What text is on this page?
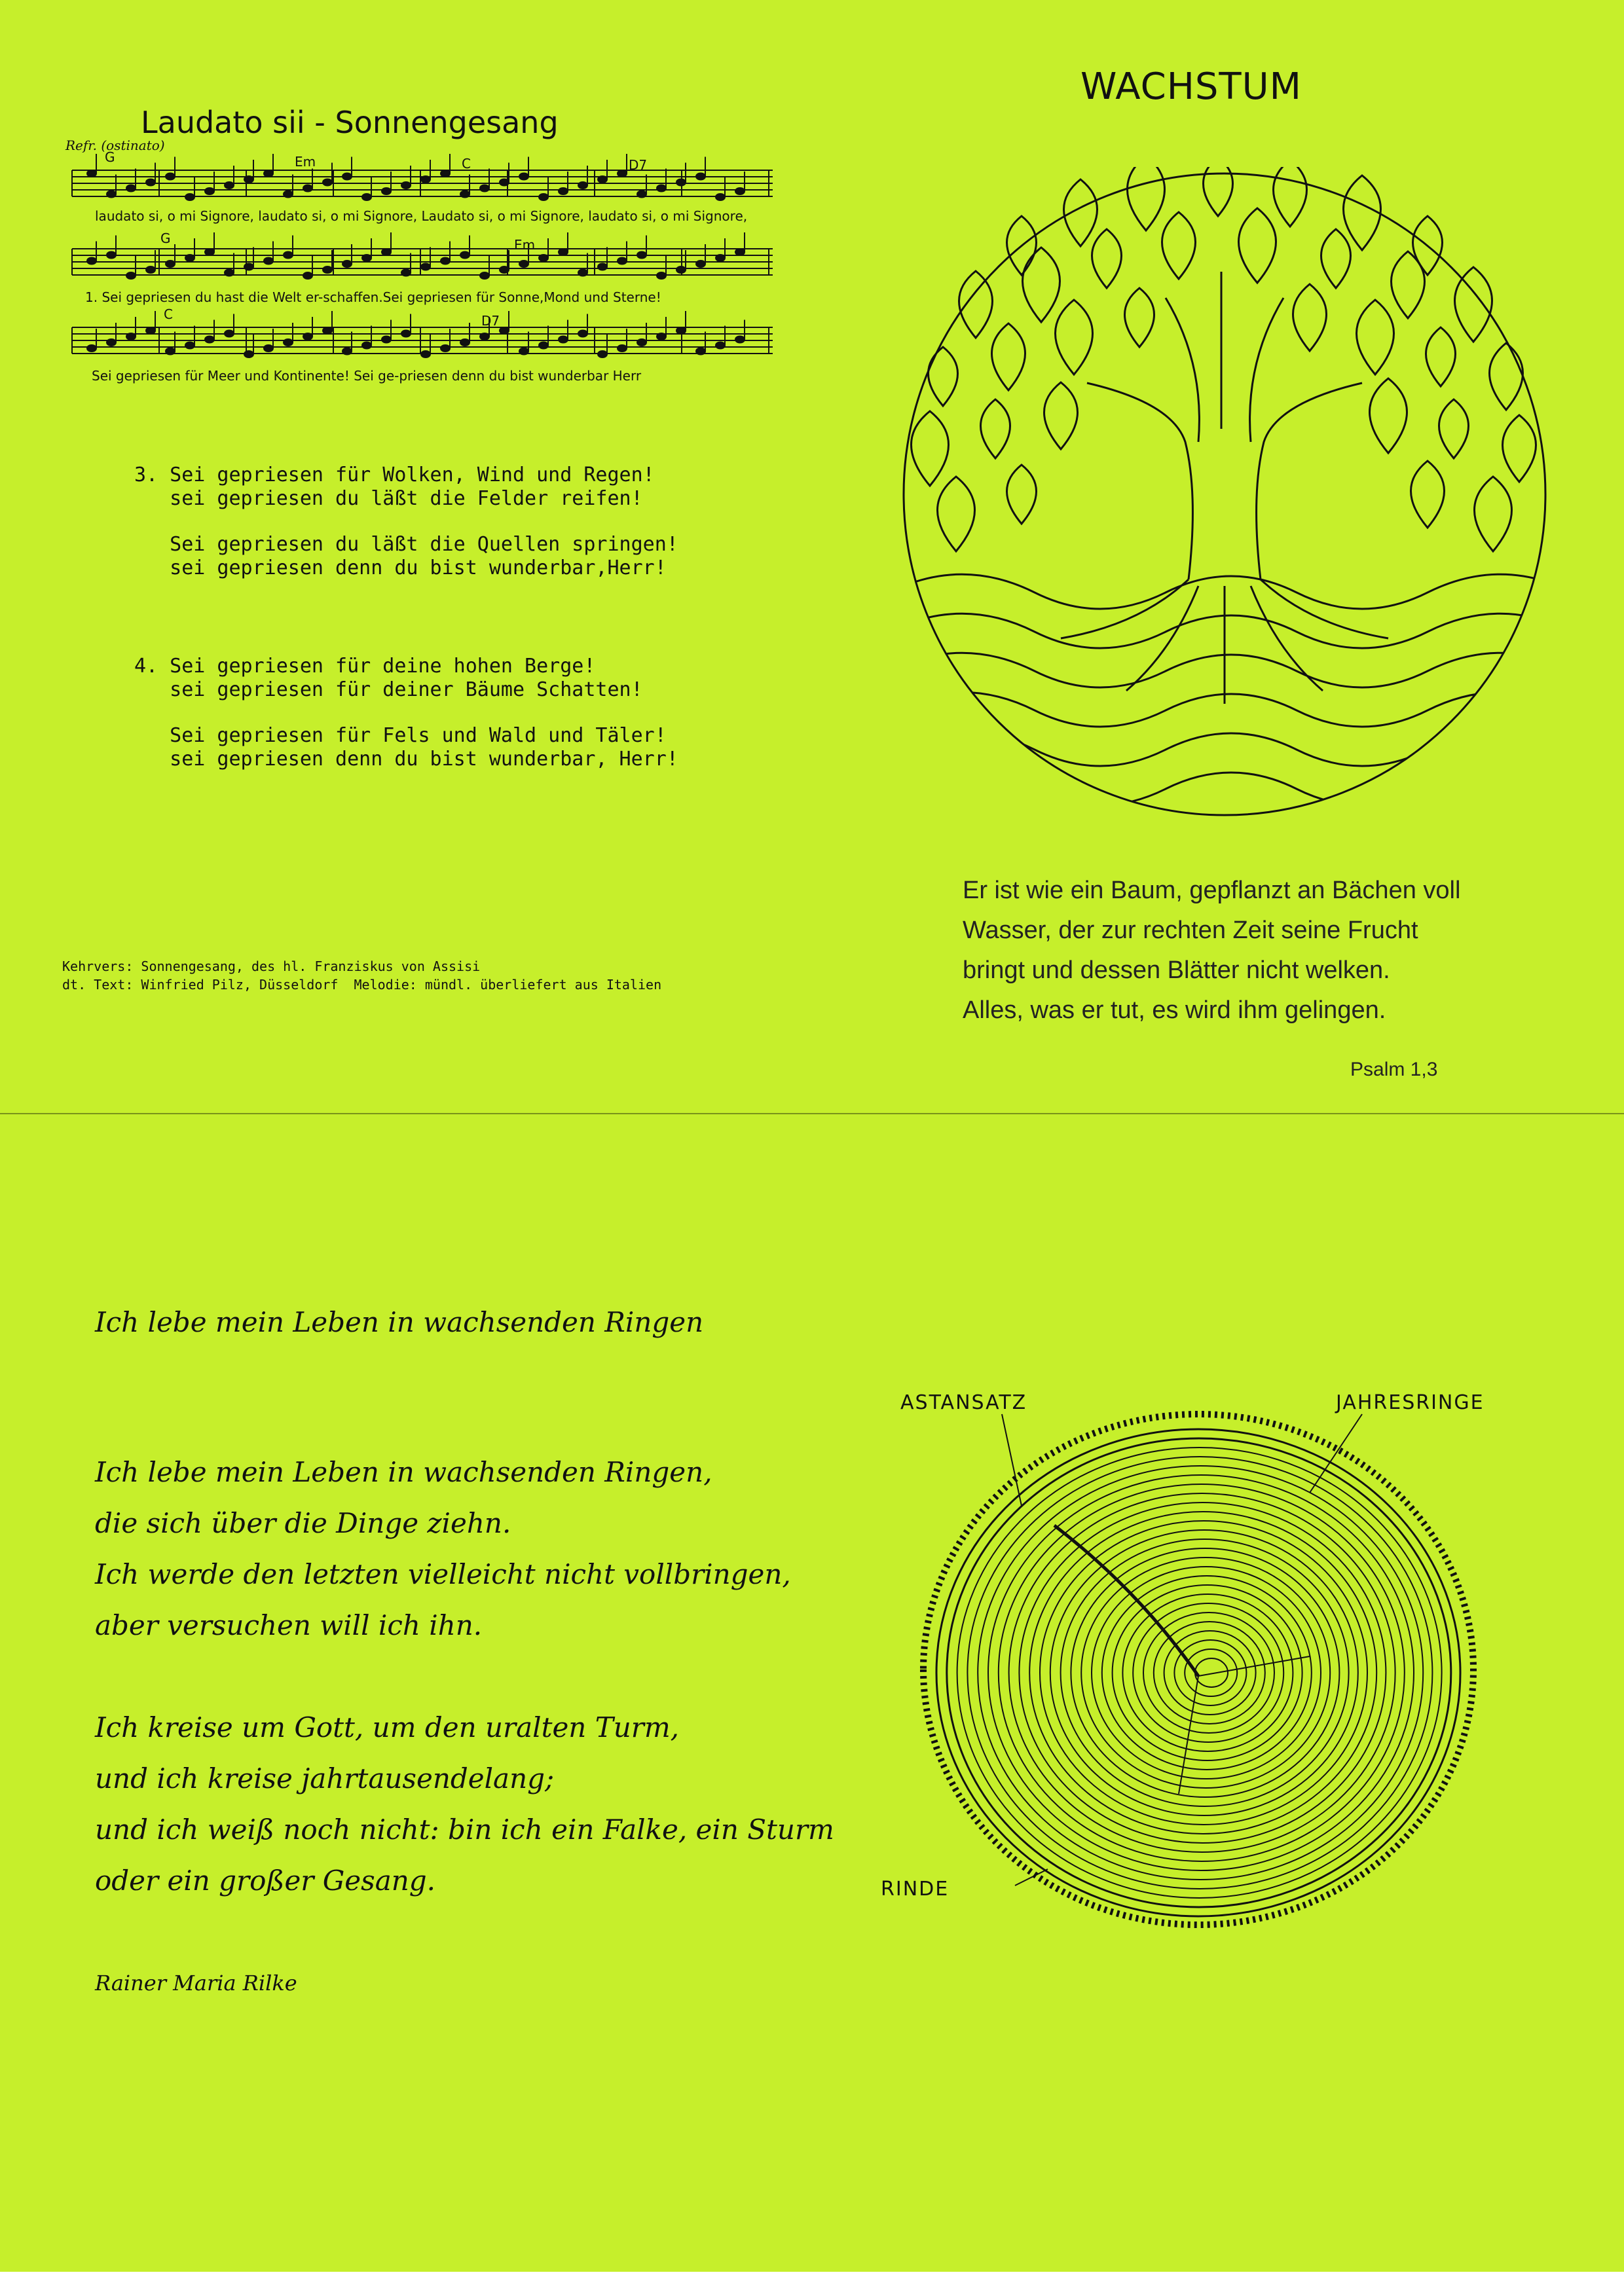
Laudato sii - Sonnengesang
Refr. (ostinato)
G	Em	C	D7
G	Em
C	D7
laudato si, o mi Signore, laudato si, o mi Signore, Laudato si, o mi Signore, laudato si, o mi Signore,
1. Sei gepriesen du hast die Welt er-schaffen.Sei gepriesen für Sonne,Mond und Sterne!
Sei gepriesen für Meer und Kontinente! Sei ge-priesen denn du bist wunderbar Herr
3. Sei gepriesen für Wolken, Wind und Regen!
sei gepriesen du läßt die Felder reifen!
Sei gepriesen du läßt die Quellen springen!
sei gepriesen denn du bist wunderbar,Herr!
4. Sei gepriesen für deine hohen Berge!
sei gepriesen für deiner Bäume Schatten!
Sei gepriesen für Fels und Wald und Täler!
sei gepriesen denn du bist wunderbar, Herr!
Kehrvers: Sonnengesang, des hl. Franziskus von Assisi
dt. Text: Winfried Pilz, Düsseldorf  Melodie: mündl. überliefert aus Italien
WACHSTUM
Er ist wie ein Baum, gepflanzt an Bächen voll
Wasser, der zur rechten Zeit seine Frucht
bringt und dessen Blätter nicht welken.
Alles, was er tut, es wird ihm gelingen.
Psalm 1,3
Ich lebe mein Leben in wachsenden Ringen
Ich lebe mein Leben in wachsenden Ringen,
die sich über die Dinge ziehn.
Ich werde den letzten vielleicht nicht vollbringen,
aber versuchen will ich ihn.
Ich kreise um Gott, um den uralten Turm,
und ich kreise jahrtausendelang;
und ich weiß noch nicht: bin ich ein Falke, ein Sturm
oder ein großer Gesang.
Rainer Maria Rilke
ASTANSATZ	JAHRESRINGE
RINDE
